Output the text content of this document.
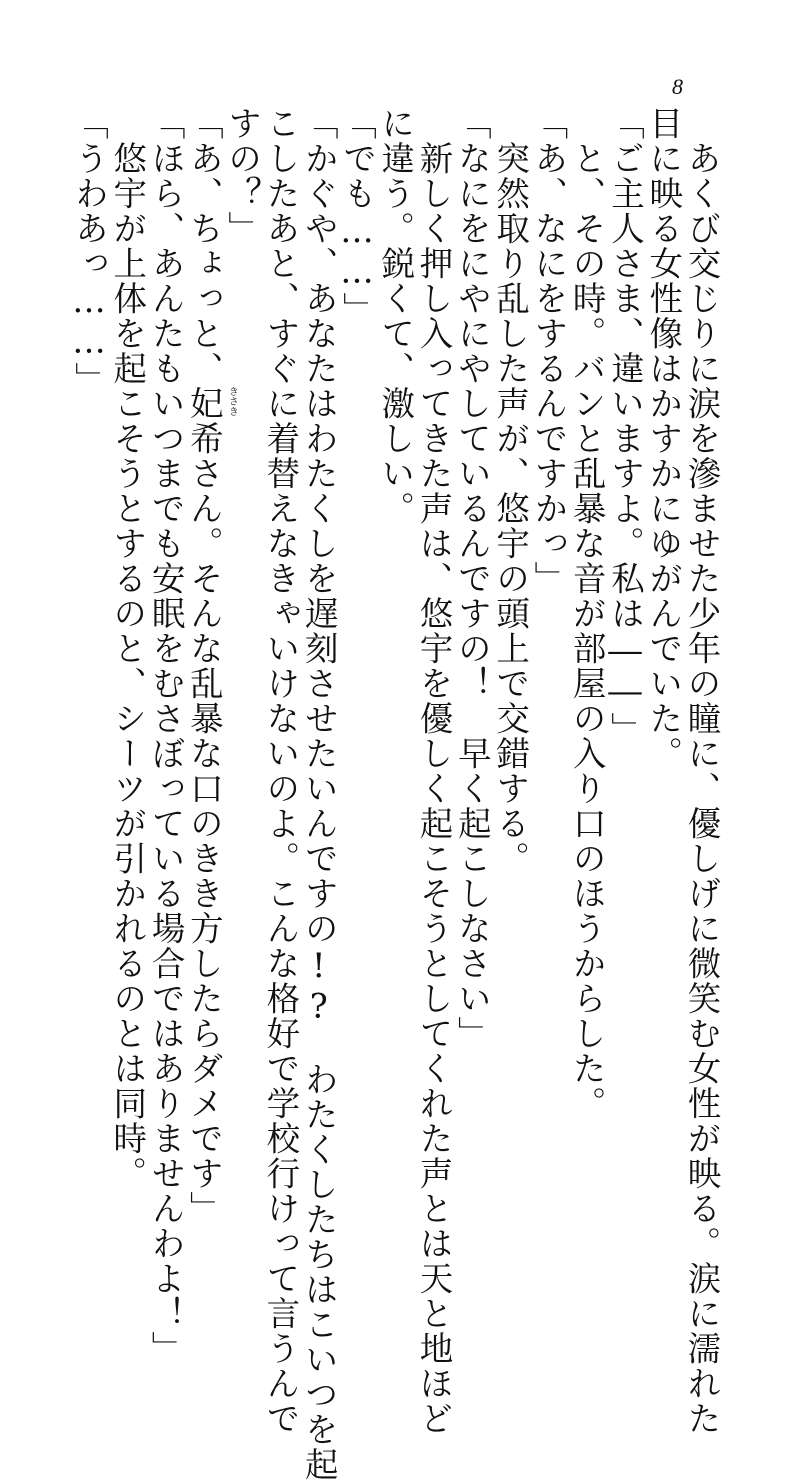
8

　あくび交じりに涙を滲ませた少年の瞳に、優しげに微笑む女性が映る。涙に濡れた

目に映る女性像はかすかにゆがんでいた。

「ご主人さま、違いますよ。私は――」

　と、その時。バンと乱暴な音が部屋の入り口のほうからした。

「あ、なにをするんですかっ」

　突然取り乱した声が、悠宇の頭上で交錯する。

「なにをにやにやしているんですの！　早く起こしなさい」

　新しく押し入ってきた声は、悠宇を優しく起こそうとしてくれた声とは天と地ほど

に違う。鋭くて、激しい。

「でも……」

「かぐや、あなたはわたくしを遅刻させたいんですの!?　わたくしたちはこいつを起

こしたあと、すぐに着替えなきゃいけないのよ。こんな格好で学校行けって言うんで

すの？」

「あ、ちょっと、妃希 きさき
さん。そんな乱暴な口のきき方したらダメです」

「ほら、あんたもいつまでも安眠をむさぼっている場合ではありませんわよ！」

　悠宇が上体を起こそうとするのと、シーツが引かれるのとは同時。

「うわあっ……」
